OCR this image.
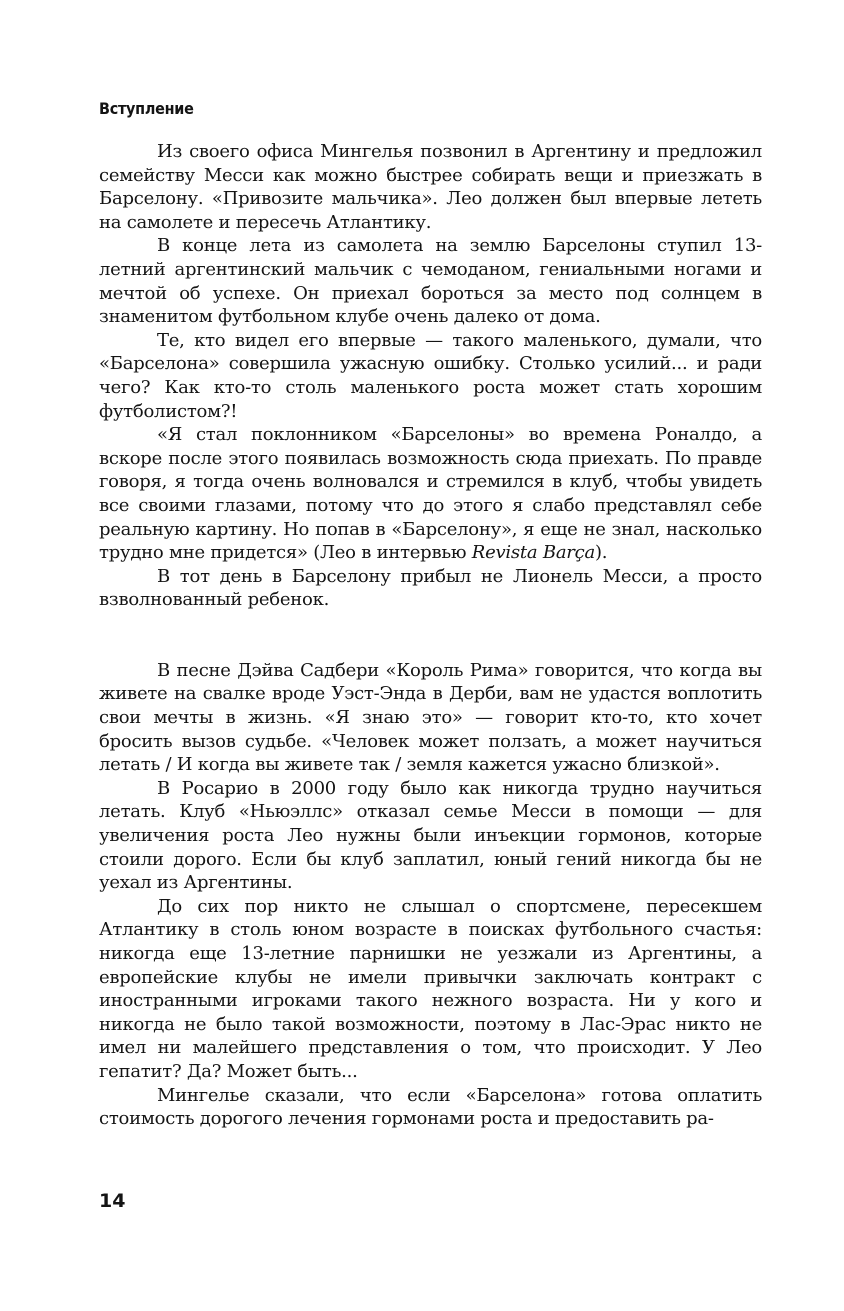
Вступление

Из своего офиса Мингелья позвонил в Аргентину и предложил семейству Месси как можно быстрее собирать вещи и приезжать в Барселону. «Привозите мальчика». Лео должен был впервые лететь на самолете и пересечь Атлантику.

В конце лета из самолета на землю Барселоны ступил 13-летний аргентинский мальчик с чемоданом, гениальными ногами и мечтой об успехе. Он приехал бороться за место под солнцем в знаменитом футбольном клубе очень далеко от дома.

Те, кто видел его впервые — такого маленького, думали, что «Барселона» совершила ужасную ошибку. Столько усилий... и ради чего? Как кто-то столь маленького роста может стать хорошим футболистом?!

«Я стал поклонником «Барселоны» во времена Роналдо, а вскоре после этого появилась возможность сюда приехать. По правде говоря, я тогда очень волновался и стремился в клуб, чтобы увидеть все своими глазами, потому что до этого я слабо представлял себе реальную картину. Но попав в «Барселону», я еще не знал, насколько трудно мне придется» (Лео в интервью Revista Barça).

В тот день в Барселону прибыл не Лионель Месси, а просто взволнованный ребенок.

В песне Дэйва Садбери «Король Рима» говорится, что когда вы живете на свалке вроде Уэст-Энда в Дерби, вам не удастся воплотить свои мечты в жизнь. «Я знаю это» — говорит кто-то, кто хочет бросить вызов судьбе. «Человек может ползать, а может научиться летать / И когда вы живете так / земля кажется ужасно близкой».

В Росарио в 2000 году было как никогда трудно научиться летать. Клуб «Ньюэллс» отказал семье Месси в помощи — для увеличения роста Лео нужны были инъекции гормонов, которые стоили дорого. Если бы клуб заплатил, юный гений никогда бы не уехал из Аргентины.

До сих пор никто не слышал о спортсмене, пересекшем Атлантику в столь юном возрасте в поисках футбольного счастья: никогда еще 13-летние парнишки не уезжали из Аргентины, а европейские клубы не имели привычки заключать контракт с иностранными игроками такого нежного возраста. Ни у кого и никогда не было такой возможности, поэтому в Лас-Эрас никто не имел ни малейшего представления о том, что происходит. У Лео гепатит? Да? Может быть...

Мингелье сказали, что если «Барселона» готова оплатить стоимость дорогого лечения гормонами роста и предоставить ра-

14
